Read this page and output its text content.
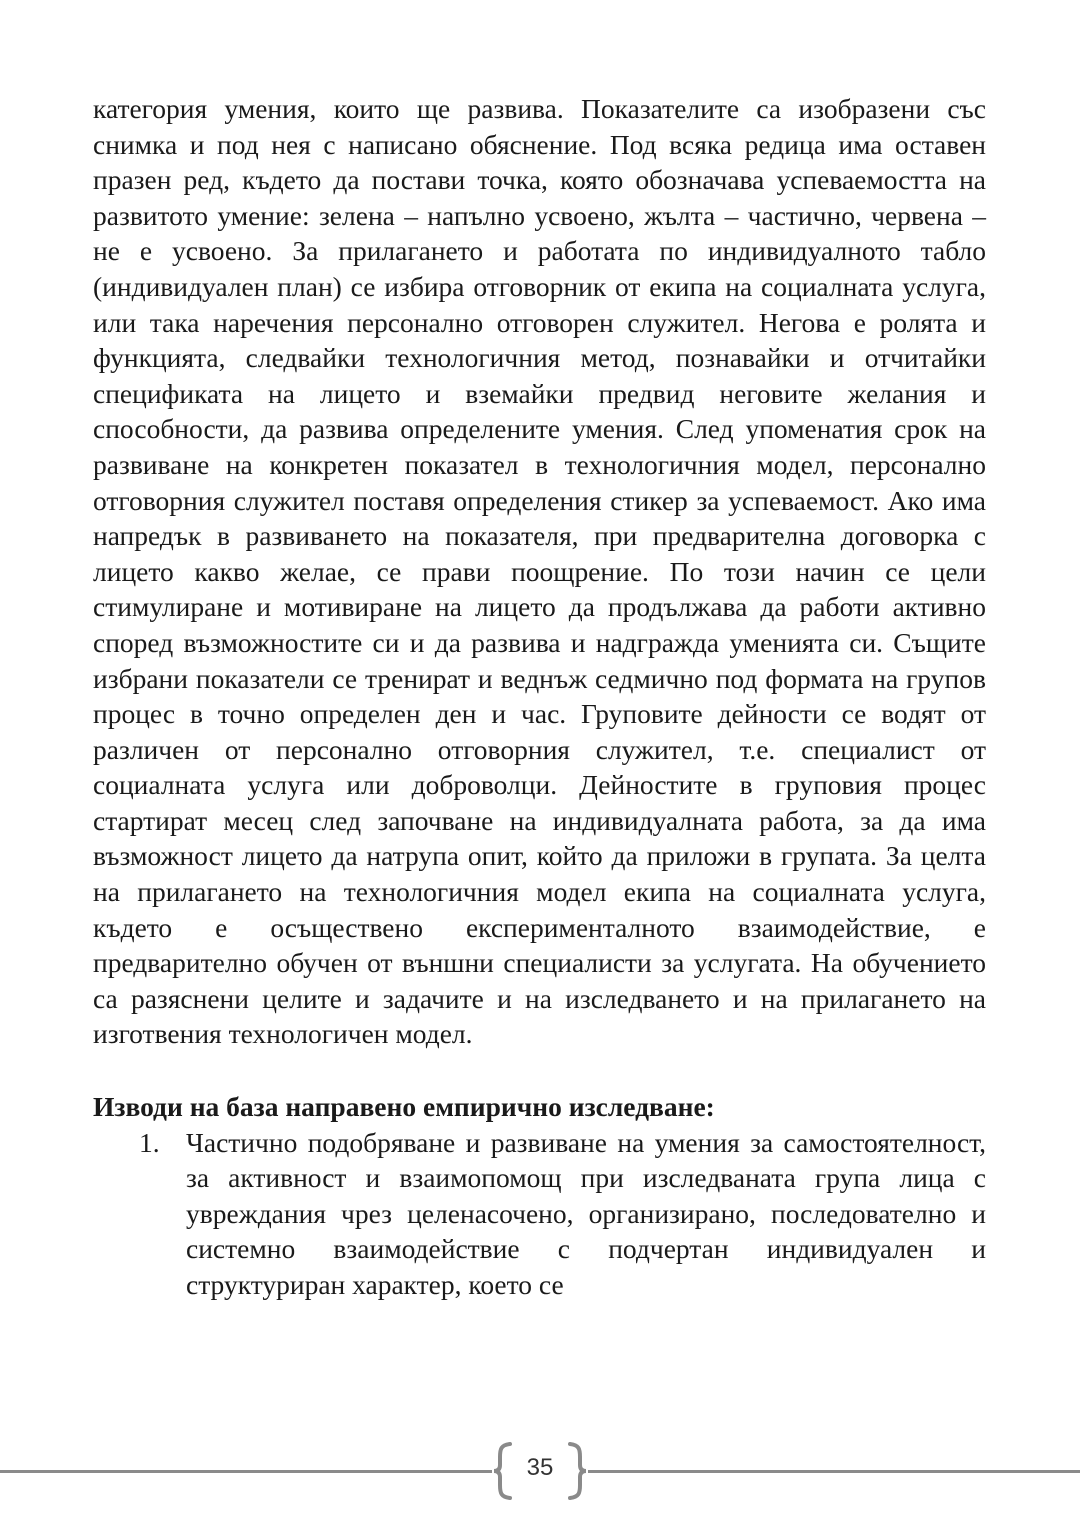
категория умения, които ще развива. Показателите са изобразени със снимка и под нея с написано обяснение. Под всяка редица има оставен празен ред, където да постави точка, която обозначава успеваемостта на развитото умение: зелена – напълно усвоено, жълта – частично, червена – не е усвоено. За прилагането и работата по индивидуалното табло (индивидуален план) се избира отговорник от екипа на социалната услуга, или така наречения персонално отговорен служител. Негова е ролята и функцията, следвайки технологичния метод, познавайки и отчитайки спецификата на лицето и вземайки предвид неговите желания и способности, да развива определените умения. След упоменатия срок на развиване на конкретен показател в технологичния модел, персонално отговорния служител поставя определения стикер за успеваемост. Ако има напредък в развиването на показателя, при предварителна договорка с лицето какво желае, се прави поощрение. По този начин се цели стимулиране и мотивиране на лицето да продължава да работи активно според възможностите си и да развива и надгражда уменията си. Същите избрани показатели се тренират и веднъж седмично под формата на групов процес в точно определен ден и час. Груповите дейности се водят от различен от персонално отговорния служител, т.е. специалист от социалната услуга или доброволци. Дейностите в груповия процес стартират месец след започване на индивидуалната работа, за да има възможност лицето да натрупа опит, който да приложи в групата. За целта на прилагането на технологичния модел екипа на социалната услуга, където е осъществено експерименталното взаимодействие, е предварително обучен от външни специалисти за услугата. На обучението са разяснени целите и задачите и на изследването и на прилагането на изготвения технологичен модел.

Изводи на база направено емпирично изследване:

1. Частично подобряване и развиване на умения за самостоятелност, за активност и взаимопомощ при изследваната група лица с увреждания чрез целенасочено, организирано, последователно и системно взаимодействие с подчертан индивидуален и структуриран характер, което се
35
